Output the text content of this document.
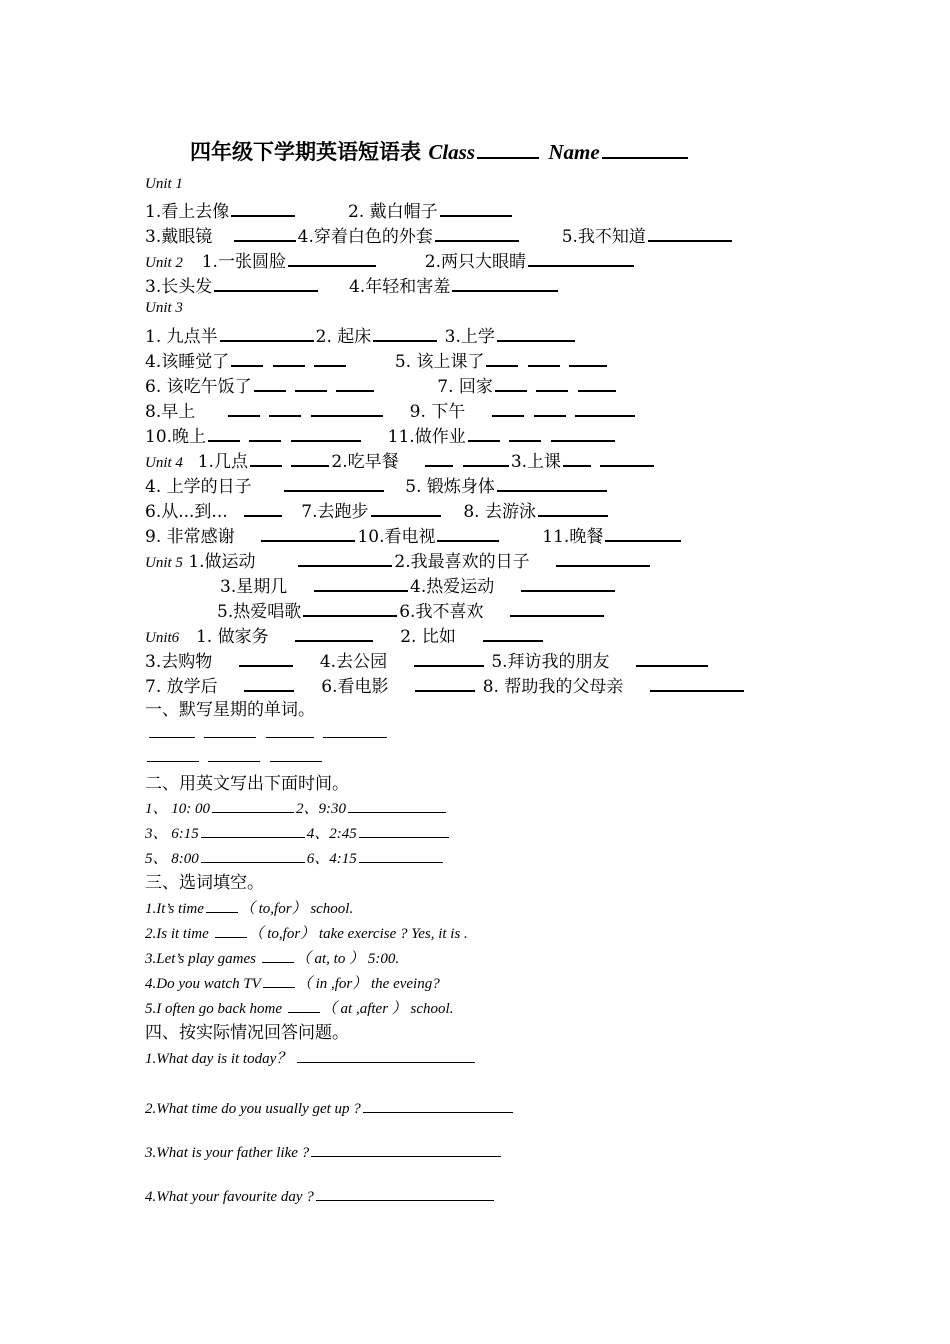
四年级下学期英语短语表 Class	Name
Unit 1
1.看上去像	2. 戴白帽子
3.戴眼镜	4.穿着白色的外套	5.我不知道
Unit 2 1.一张圆脸	2.两只大眼睛
3.长头发	4.年轻和害羞
Unit 3
1. 九点半	2. 起床	3.上学
4.该睡觉了	5. 该上课了
6. 该吃午饭了	7. 回家
8.早上	9. 下午
10.晚上	11.做作业
Unit 4 1.几点	2.吃早餐	3.上课
4. 上学的日子	5. 锻炼身体
6.从...到...	7.去跑步	8. 去游泳
9. 非常感谢	10.看电视	11.晚餐
Unit 5 1.做运动	2.我最喜欢的日子
3.星期几	4.热爱运动
5.热爱唱歌	6.我不喜欢
Unit6 1. 做家务	2. 比如
3.去购物	4.去公园	5.拜访我的朋友
7. 放学后	6.看电影	8. 帮助我的父母亲
一、默写星期的单词。

二、用英文写出下面时间。
1、 10: 00	2、9:30
3、 6:15	4、2:45
5、 8:00	6、4:15
三、选词填空。
1.It’s time （ to,for） school.
2.Is it time	（ to,for） take exercise ? Yes, it is .
3.Let’s play games	（ at, to ） 5:00.
4.Do you watch TV （ in ,for） the eveing?
5.I often go back home	（ at ,after ） school.
四、按实际情况回答问题。
1.What day is it today？
2.What time do you usually get up ?
3.What is your father like ?
4.What your favourite day ?
